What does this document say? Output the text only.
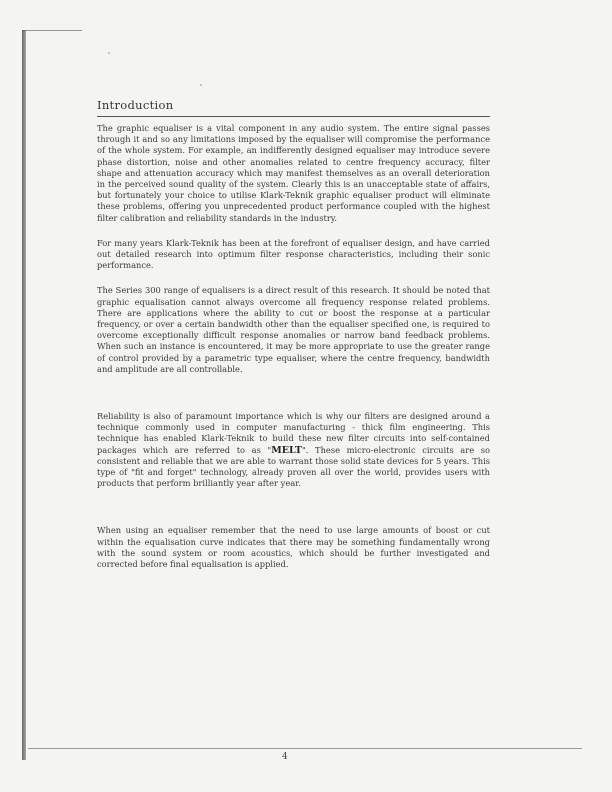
Introduction

The graphic equaliser is a vital component in any audio system. The entire signal passes through it and so any limitations imposed by the equaliser will compromise the performance of the whole system. For example, an indifferently designed equaliser may introduce severe phase distortion, noise and other anomalies related to centre frequency accuracy, filter shape and attenuation accuracy which may manifest themselves as an overall deterioration in the perceived sound quality of the system. Clearly this is an unacceptable state of affairs, but fortunately your choice to utilise Klark-Teknik graphic equaliser product will eliminate these problems, offering you unprecedented product performance coupled with the highest filter calibration and reliability standards in the industry.

For many years Klark-Teknik has been at the forefront of equaliser design, and have carried out detailed research into optimum filter response characteristics, including their sonic performance.

The Series 300 range of equalisers is a direct result of this research. It should be noted that graphic equalisation cannot always overcome all frequency response related problems. There are applications where the ability to cut or boost the response at a particular frequency, or over a certain bandwidth other than the equaliser specified one, is required to overcome exceptionally difficult response anomalies or narrow band feedback problems. When such an instance is encountered, it may be more appropriate to use the greater range of control provided by a parametric type equaliser, where the centre frequency, bandwidth and amplitude are all controllable.

Reliability is also of paramount importance which is why our filters are designed around a technique commonly used in computer manufacturing - thick film engineering. This technique has enabled Klark-Teknik to build these new filter circuits into self-contained packages which are referred to as "MELT". These micro-electronic circuits are so consistent and reliable that we are able to warrant those solid state devices for 5 years. This type of "fit and forget" technology, already proven all over the world, provides users with products that perform brilliantly year after year.

When using an equaliser remember that the need to use large amounts of boost or cut within the equalisation curve indicates that there may be something fundamentally wrong with the sound system or room acoustics, which should be further investigated and corrected before final equalisation is applied.

4
